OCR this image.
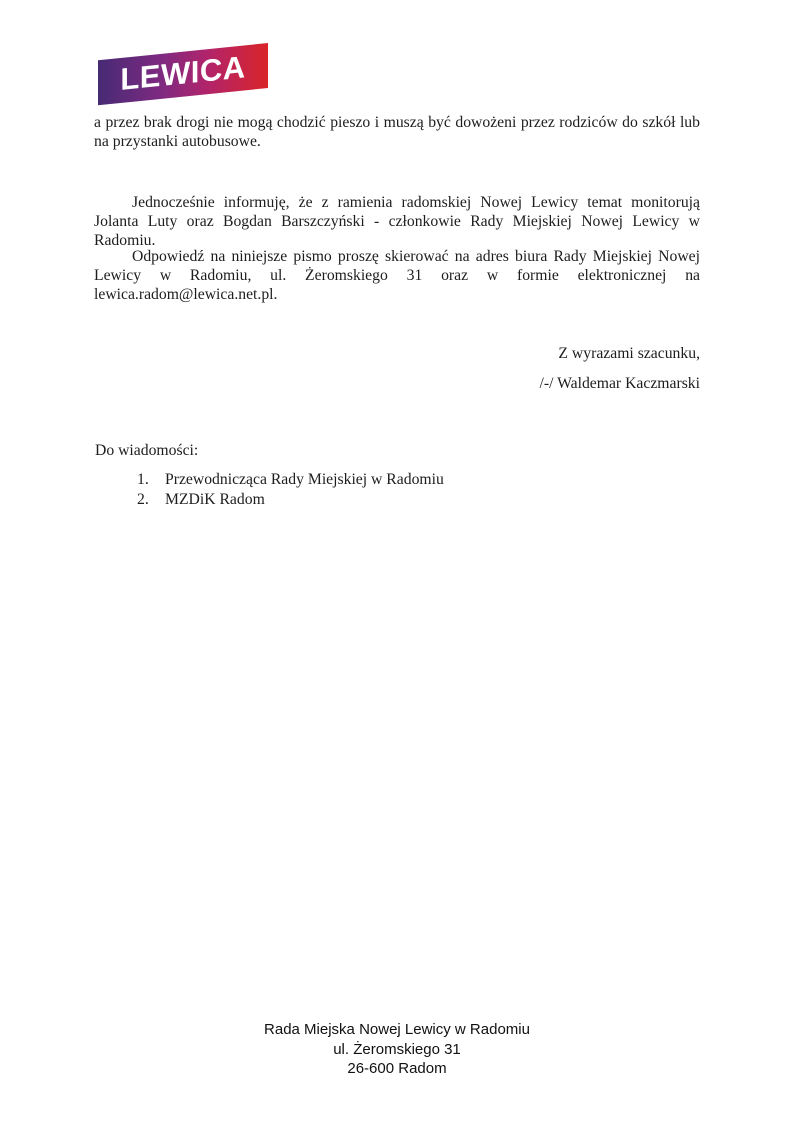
LEWICA
a przez brak drogi nie mogą chodzić pieszo i muszą być dowożeni przez rodziców do szkół lub na przystanki autobusowe.
Jednocześnie informuję, że z ramienia radomskiej Nowej Lewicy temat monitorują Jolanta Luty oraz Bogdan Barszczyński - członkowie Rady Miejskiej Nowej Lewicy w Radomiu.
Odpowiedź na niniejsze pismo proszę skierować na adres biura Rady Miejskiej Nowej Lewicy w Radomiu, ul. Żeromskiego 31 oraz w formie elektronicznej na lewica.radom@lewica.net.pl.
Z wyrazami szacunku,
/-/ Waldemar Kaczmarski
Do wiadomości:
1.	Przewodnicząca Rady Miejskiej w Radomiu
2.	MZDiK Radom
Rada Miejska Nowej Lewicy w Radomiu
ul. Żeromskiego 31
26-600 Radom
